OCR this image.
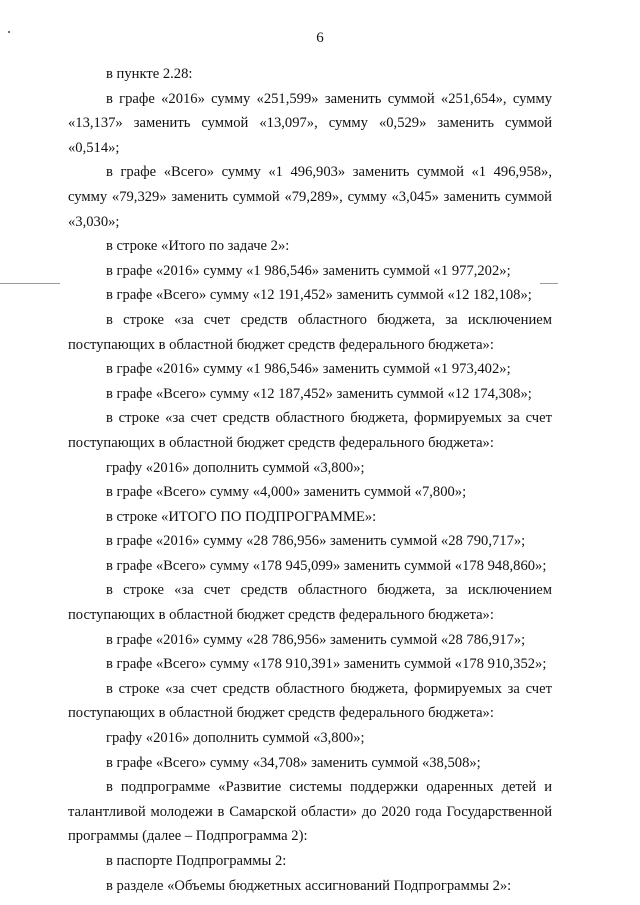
6

в пункте 2.28:

в графе «2016» сумму «251,599» заменить суммой «251,654», сумму «13,137» заменить суммой «13,097», сумму «0,529» заменить суммой «0,514»;

в графе «Всего» сумму «1 496,903» заменить суммой «1 496,958», сумму «79,329» заменить суммой «79,289», сумму «3,045» заменить суммой «3,030»;

в строке «Итого по задаче 2»:

в графе «2016» сумму «1 986,546» заменить суммой «1 977,202»;

в графе «Всего» сумму «12 191,452» заменить суммой «12 182,108»;

в строке «за счет средств областного бюджета, за исключением поступающих в областной бюджет средств федерального бюджета»:

в графе «2016» сумму «1 986,546» заменить суммой «1 973,402»;

в графе «Всего» сумму «12 187,452» заменить суммой «12 174,308»;

в строке «за счет средств областного бюджета, формируемых за счет поступающих в областной бюджет средств федерального бюджета»:

графу «2016» дополнить суммой «3,800»;

в графе «Всего» сумму «4,000» заменить суммой «7,800»;

в строке «ИТОГО ПО ПОДПРОГРАММЕ»:

в графе «2016» сумму «28 786,956» заменить суммой «28 790,717»;

в графе «Всего» сумму «178 945,099» заменить суммой «178 948,860»;

в строке «за счет средств областного бюджета, за исключением поступающих в областной бюджет средств федерального бюджета»:

в графе «2016» сумму «28 786,956» заменить суммой «28 786,917»;

в графе «Всего» сумму «178 910,391» заменить суммой «178 910,352»;

в строке «за счет средств областного бюджета, формируемых за счет поступающих в областной бюджет средств федерального бюджета»:

графу «2016» дополнить суммой «3,800»;

в графе «Всего» сумму «34,708» заменить суммой «38,508»;

в подпрограмме «Развитие системы поддержки одаренных детей и талантливой молодежи в Самарской области» до 2020 года Государственной программы (далее – Подпрограмма 2):

в паспорте Подпрограммы 2:

в разделе «Объемы бюджетных ассигнований Подпрограммы 2»:
